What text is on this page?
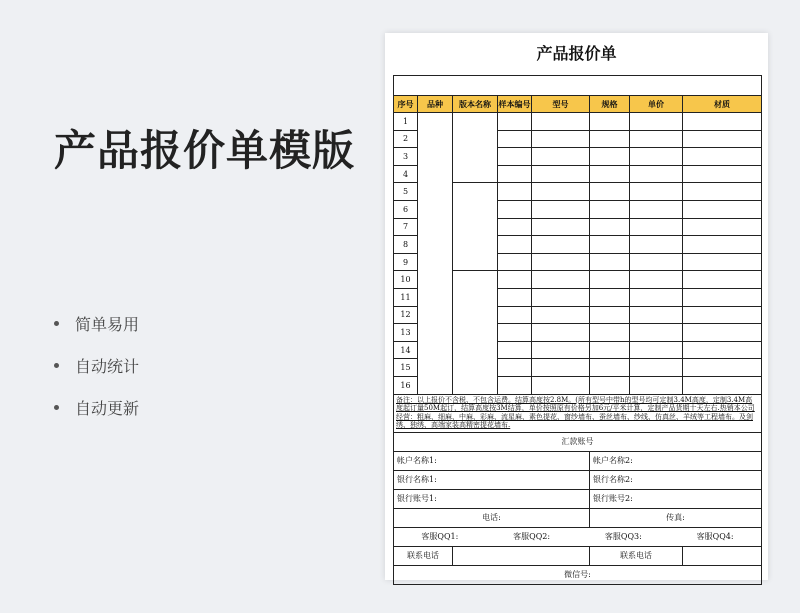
产品报价单模版
简单易用
自动统计
自动更新
产品报价单

序号	品种	版本名称	样本编号	型号	规格	单价	材质
1							
2							
3							
4							
5							
6							
7							
8							
9							
10							
11							
12							
13							
14							
15							
16							
备注：以上报价不含税、不包含运费。结算高度按2.8M。(所有型号中带h的型号均可定制3.4M高度，定制3.4M高度起订量50M起订，结算高度按3M结算，单价按照原有价格另加6元/平米计算，定制产品货期十天左右.热销本公司经营：粗麻、细麻、中麻、彩麻、流星麻、素色提花、窗纱墙布、蚕丝墙布、纱线、仿真丝、羊绒等工程墙布。及剑绣、独绣、高端家装高精密提花墙布.							
汇款账号							
帐户名称1:					帐户名称2:		
银行名称1:					银行名称2:		
银行账号1:					银行账号2:		
电话:					传真:		

客服QQ1: 客服QQ2: 客服QQ3: 客服QQ4:							

联系电话					联系电话		
微信号:							
